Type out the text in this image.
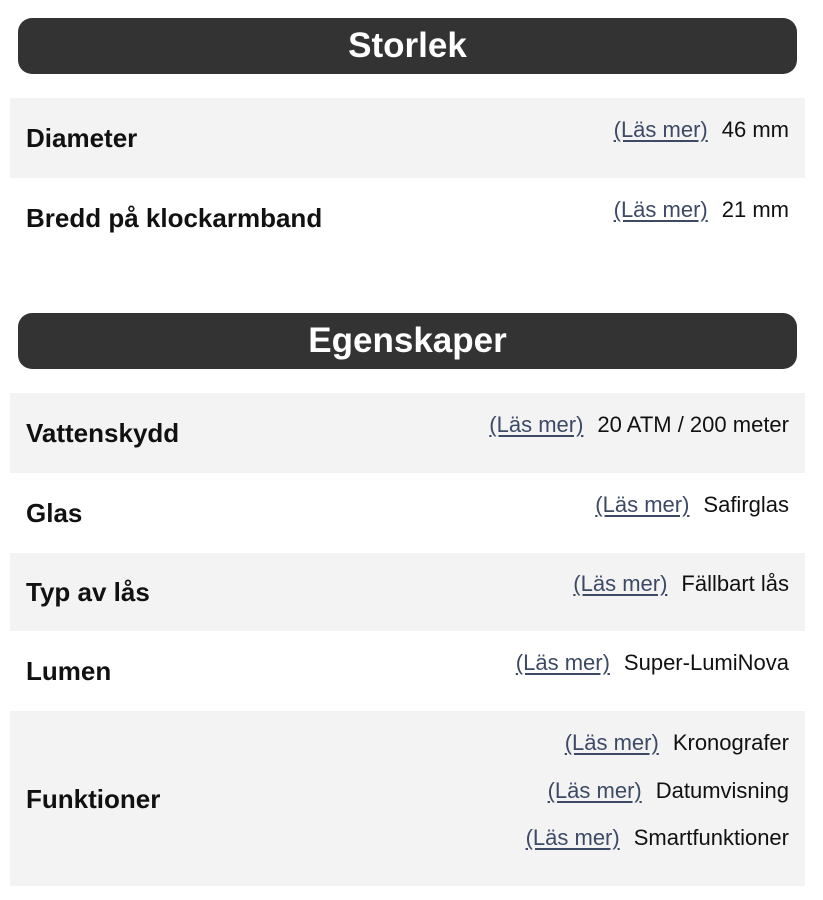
Storlek
Diameter	(Läs mer) 46 mm
Bredd på klockarmband	(Läs mer) 21 mm
Egenskaper
Vattenskydd	(Läs mer) 20 ATM / 200 meter
Glas	(Läs mer) Safirglas
Typ av lås	(Läs mer) Fällbart lås
Lumen	(Läs mer) Super-LumiNova
Funktioner
(Läs mer) Kronografer
(Läs mer) Datumvisning
(Läs mer) Smartfunktioner
